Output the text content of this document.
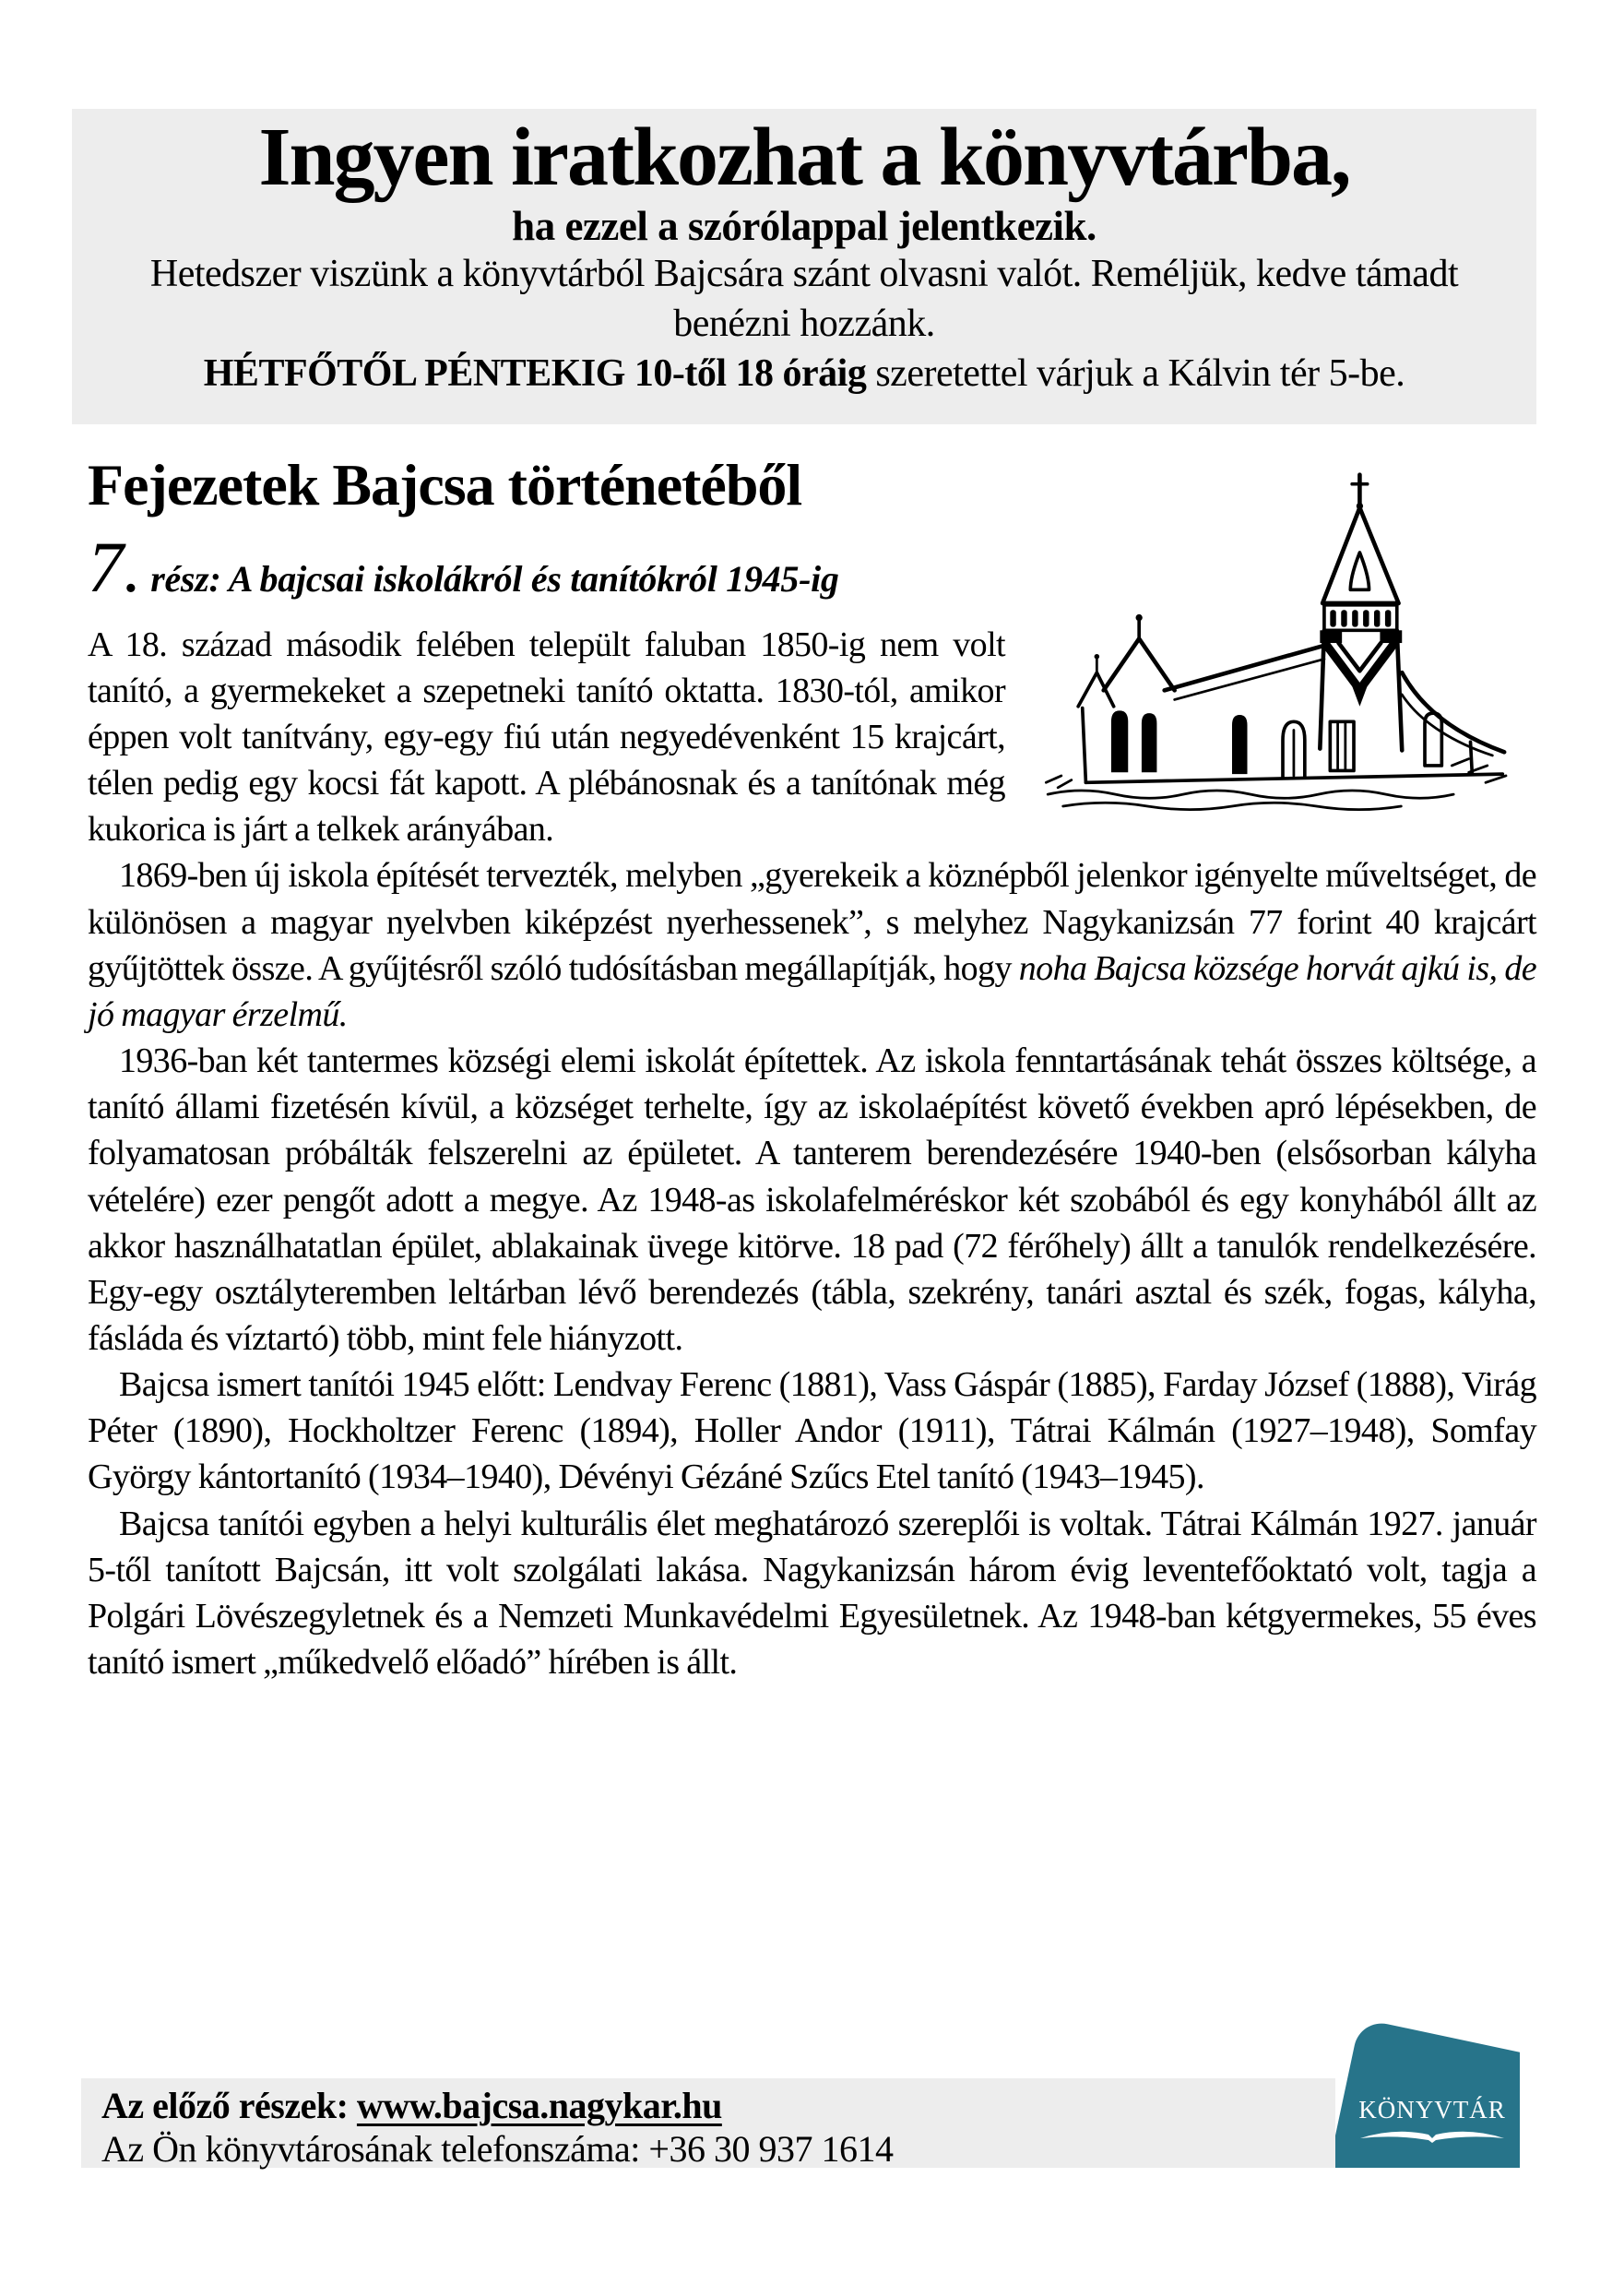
Ingyen iratkozhat a könyvtárba,
ha ezzel a szórólappal jelentkezik.
Hetedszer viszünk a könyvtárból Bajcsára szánt olvasni valót. Reméljük, kedve támadt benézni hozzánk.
HÉTFŐTŐL PÉNTEKIG 10-től 18 óráig szeretettel várjuk a Kálvin tér 5-be.
Fejezetek Bajcsa történetéből
7. rész: A bajcsai iskolákról és tanítókról 1945-ig

A 18. század második felében települt faluban 1850-ig nem volt tanító, a gyermekeket a szepetneki tanító oktatta. 1830-tól, amikor éppen volt tanítvány, egy-egy fiú után negyedévenként 15 krajcárt, télen pedig egy kocsi fát kapott. A plébánosnak és a tanítónak még kukorica is járt a telkek arányában.

1869-ben új iskola építését tervezték, melyben „gyerekeik a köznépből jelenkor igényelte műveltséget, de különösen a magyar nyelvben kiképzést nyerhessenek”, s melyhez Nagykanizsán 77 forint 40 krajcárt gyűjtöttek össze. A gyűjtésről szóló tudósításban megállapítják, hogy noha Bajcsa községe horvát ajkú is, de jó magyar érzelmű.

1936-ban két tantermes községi elemi iskolát építettek. Az iskola fenntartásának tehát összes költsége, a tanító állami fizetésén kívül, a községet terhelte, így az iskolaépítést követő években apró lépésekben, de folyamatosan próbálták felszerelni az épületet. A tanterem berendezésére 1940-ben (elsősorban kályha vételére) ezer pengőt adott a megye. Az 1948-as iskolafelméréskor két szobából és egy konyhából állt az akkor használhatatlan épület, ablakainak üvege kitörve. 18 pad (72 férőhely) állt a tanulók rendelkezésére. Egy-egy osztályteremben leltárban lévő berendezés (tábla, szekrény, tanári asztal és szék, fogas, kályha, fásláda és víztartó) több, mint fele hiányzott.

Bajcsa ismert tanítói 1945 előtt: Lendvay Ferenc (1881), Vass Gáspár (1885), Farday József (1888), Virág Péter (1890), Hockholtzer Ferenc (1894), Holler Andor (1911), Tátrai Kálmán (1927–1948), Somfay György kántortanító (1934–1940), Dévényi Gézáné Szűcs Etel tanító (1943–1945).

Bajcsa tanítói egyben a helyi kulturális élet meghatározó szereplői is voltak. Tátrai Kálmán 1927. január 5-től tanított Bajcsán, itt volt szolgálati lakása. Nagykanizsán három évig leventefőoktató volt, tagja a Polgári Lövészegyletnek és a Nemzeti Munkavédelmi Egyesületnek. Az 1948-ban kétgyermekes, 55 éves tanító ismert „műkedvelő előadó” hírében is állt.

Az előző részek: www.bajcsa.nagykar.hu
Az Ön könyvtárosának telefonszáma: +36 30 937 1614
KÖNYVTÁR
